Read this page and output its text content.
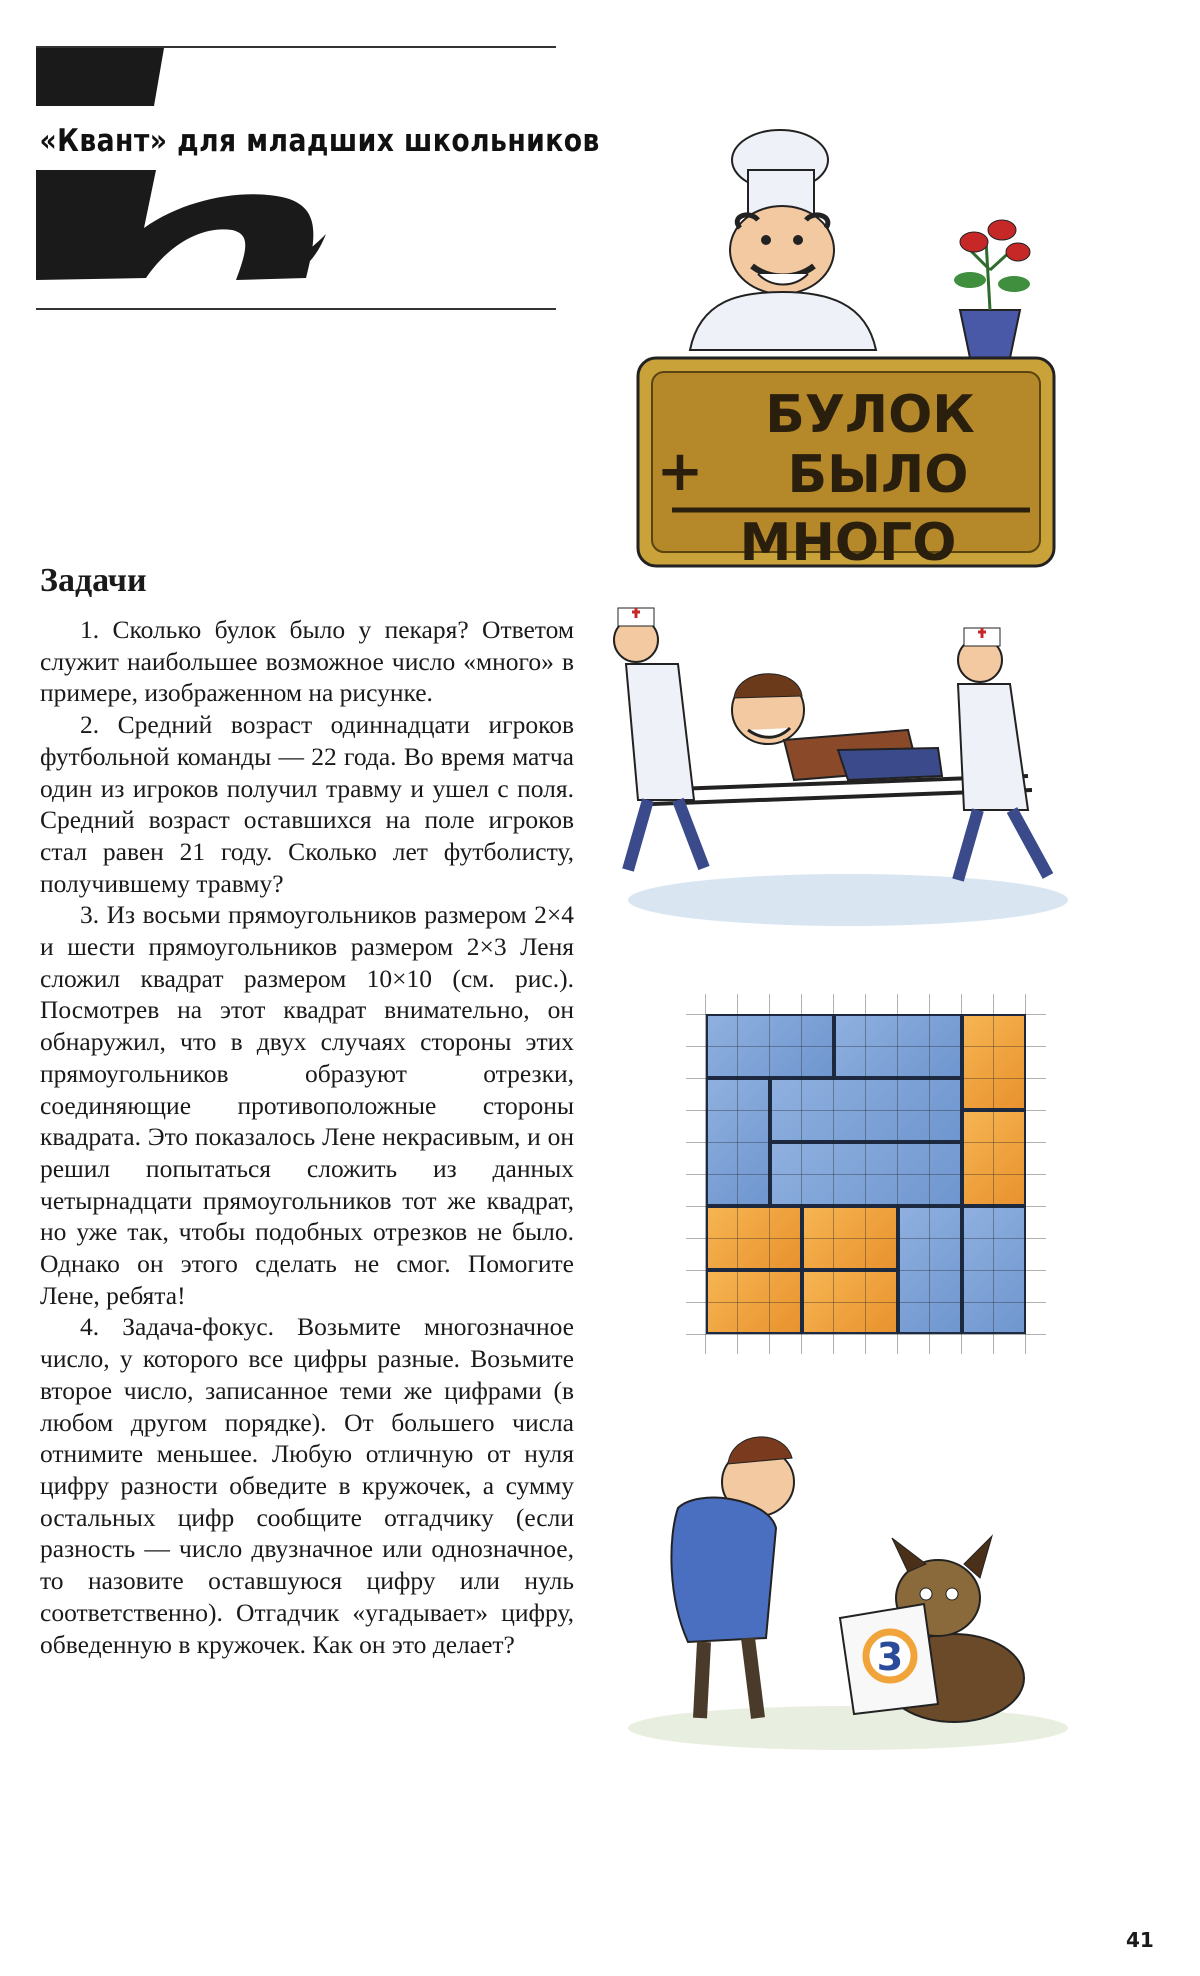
«Квант» для младших школьников
Задачи

1. Сколько булок было у пекаря? Ответом служит наибольшее возможное число «много» в примере, изображенном на рисунке.

2. Средний возраст одиннадцати игроков футбольной команды — 22 года. Во время матча один из игроков получил травму и ушел с поля. Средний возраст оставшихся на поле игроков стал равен 21 году. Сколько лет футболисту, получившему травму?

3. Из восьми прямоугольников размером 2×4 и шести прямоугольников размером 2×3 Леня сложил квадрат размером 10×10 (см. рис.). Посмотрев на этот квадрат внимательно, он обнаружил, что в двух случаях стороны этих прямоугольников образуют отрезки, соединяющие противоположные стороны квадрата. Это показалось Лене некрасивым, и он решил попытаться сложить из данных четырнадцати прямоугольников тот же квадрат, но уже так, чтобы подобных отрезков не было. Однако он этого сделать не смог. Помогите Лене, ребята!

4. Задача-фокус. Возьмите многозначное число, у которого все цифры разные. Возьмите второе число, записанное теми же цифрами (в любом другом порядке). От большего числа отнимите меньшее. Любую отличную от нуля цифру разности обведите в кружочек, а сумму остальных цифр сообщите отгадчику (если разность — число двузначное или однозначное, то назовите оставшуюся цифру или нуль соответственно). Отгадчик «угадывает» цифру, обведенную в кружочек. Как он это делает?

БУЛОК
+ БЫЛО
МНОГО
3
41
